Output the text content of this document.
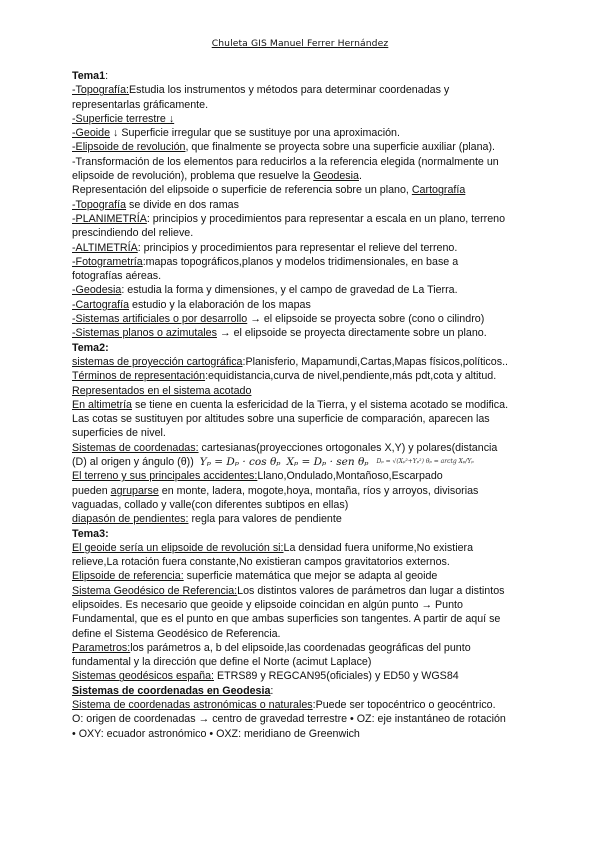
Chuleta GIS Manuel Ferrer Hernández

Tema1:

-Topografía:Estudia los instrumentos y métodos para determinar coordenadas y

representarlas gráficamente.

-Superficie terrestre ↓

-Geoide ↓ Superficie irregular que se sustituye por una aproximación.

-Elipsoide de revolución, que finalmente se proyecta sobre una superficie auxiliar (plana).

-Transformación de los elementos para reducirlos a la referencia elegida (normalmente un

elipsoide de revolución), problema que resuelve la Geodesia.

Representación del elipsoide o superficie de referencia sobre un plano, Cartografía

-Topografía se divide en dos ramas

-PLANIMETRÍA: principios y procedimientos para representar a escala en un plano, terreno

prescindiendo del relieve.

-ALTIMETRÍA: principios y procedimientos para representar el relieve del terreno.

-Fotogrametría:mapas topográficos,planos y modelos tridimensionales, en base a

fotografías aéreas.

-Geodesia: estudia la forma y dimensiones, y el campo de gravedad de La Tierra.

-Cartografía estudio y la elaboración de los mapas

-Sistemas artificiales o por desarrollo → el elipsoide se proyecta sobre (cono o cilindro)

-Sistemas planos o azimutales → el elipsoide se proyecta directamente sobre un plano.

Tema2:

sistemas de proyección cartográfica:Planisferio, Mapamundi,Cartas,Mapas físicos,políticos..

Términos de representación:equidistancia,curva de nivel,pendiente,más pdt,cota y altitud.

Representados en el sistema acotado

En altimetría se tiene en cuenta la esfericidad de la Tierra, y el sistema acotado se modifica.

Las cotas se sustituyen por altitudes sobre una superficie de comparación, aparecen las

superficies de nivel.

Sistemas de coordenadas: cartesianas(proyecciones ortogonales X,Y) y polares(distancia

(D) al origen y ángulo (θ)) Yₚ = Dₚ · cos θₚ Xₚ = Dₚ · sen θₚ Dₚ = √(Xₚ²+Yₚ²) θₚ = arctg Xₚ/Yₚ

El terreno y sus principales accidentes:Llano,Ondulado,Montañoso,Escarpado

pueden agruparse en monte, ladera, mogote,hoya, montaña, ríos y arroyos, divisorias

vaguadas, collado y valle(con diferentes subtipos en ellas)

diapasón de pendientes: regla para valores de pendiente

Tema3:

El geoide sería un elipsoide de revolución si:La densidad fuera uniforme,No existiera

relieve,La rotación fuera constante,No existieran campos gravitatorios externos.

Elipsoide de referencia: superficie matemática que mejor se adapta al geoide

Sistema Geodésico de Referencia:Los distintos valores de parámetros dan lugar a distintos

elipsoides. Es necesario que geoide y elipsoide coincidan en algún punto → Punto

Fundamental, que es el punto en que ambas superficies son tangentes. A partir de aquí se

define el Sistema Geodésico de Referencia.

Parametros:los parámetros a, b del elipsoide,las coordenadas geográficas del punto

fundamental y la dirección que define el Norte (acimut Laplace)

Sistemas geodésicos españa: ETRS89 y REGCAN95(oficiales) y ED50 y WGS84

Sistemas de coordenadas en Geodesia:

Sistema de coordenadas astronómicas o naturales:Puede ser topocéntrico o geocéntrico.

O: origen de coordenadas → centro de gravedad terrestre • OZ: eje instantáneo de rotación

• OXY: ecuador astronómico • OXZ: meridiano de Greenwich
